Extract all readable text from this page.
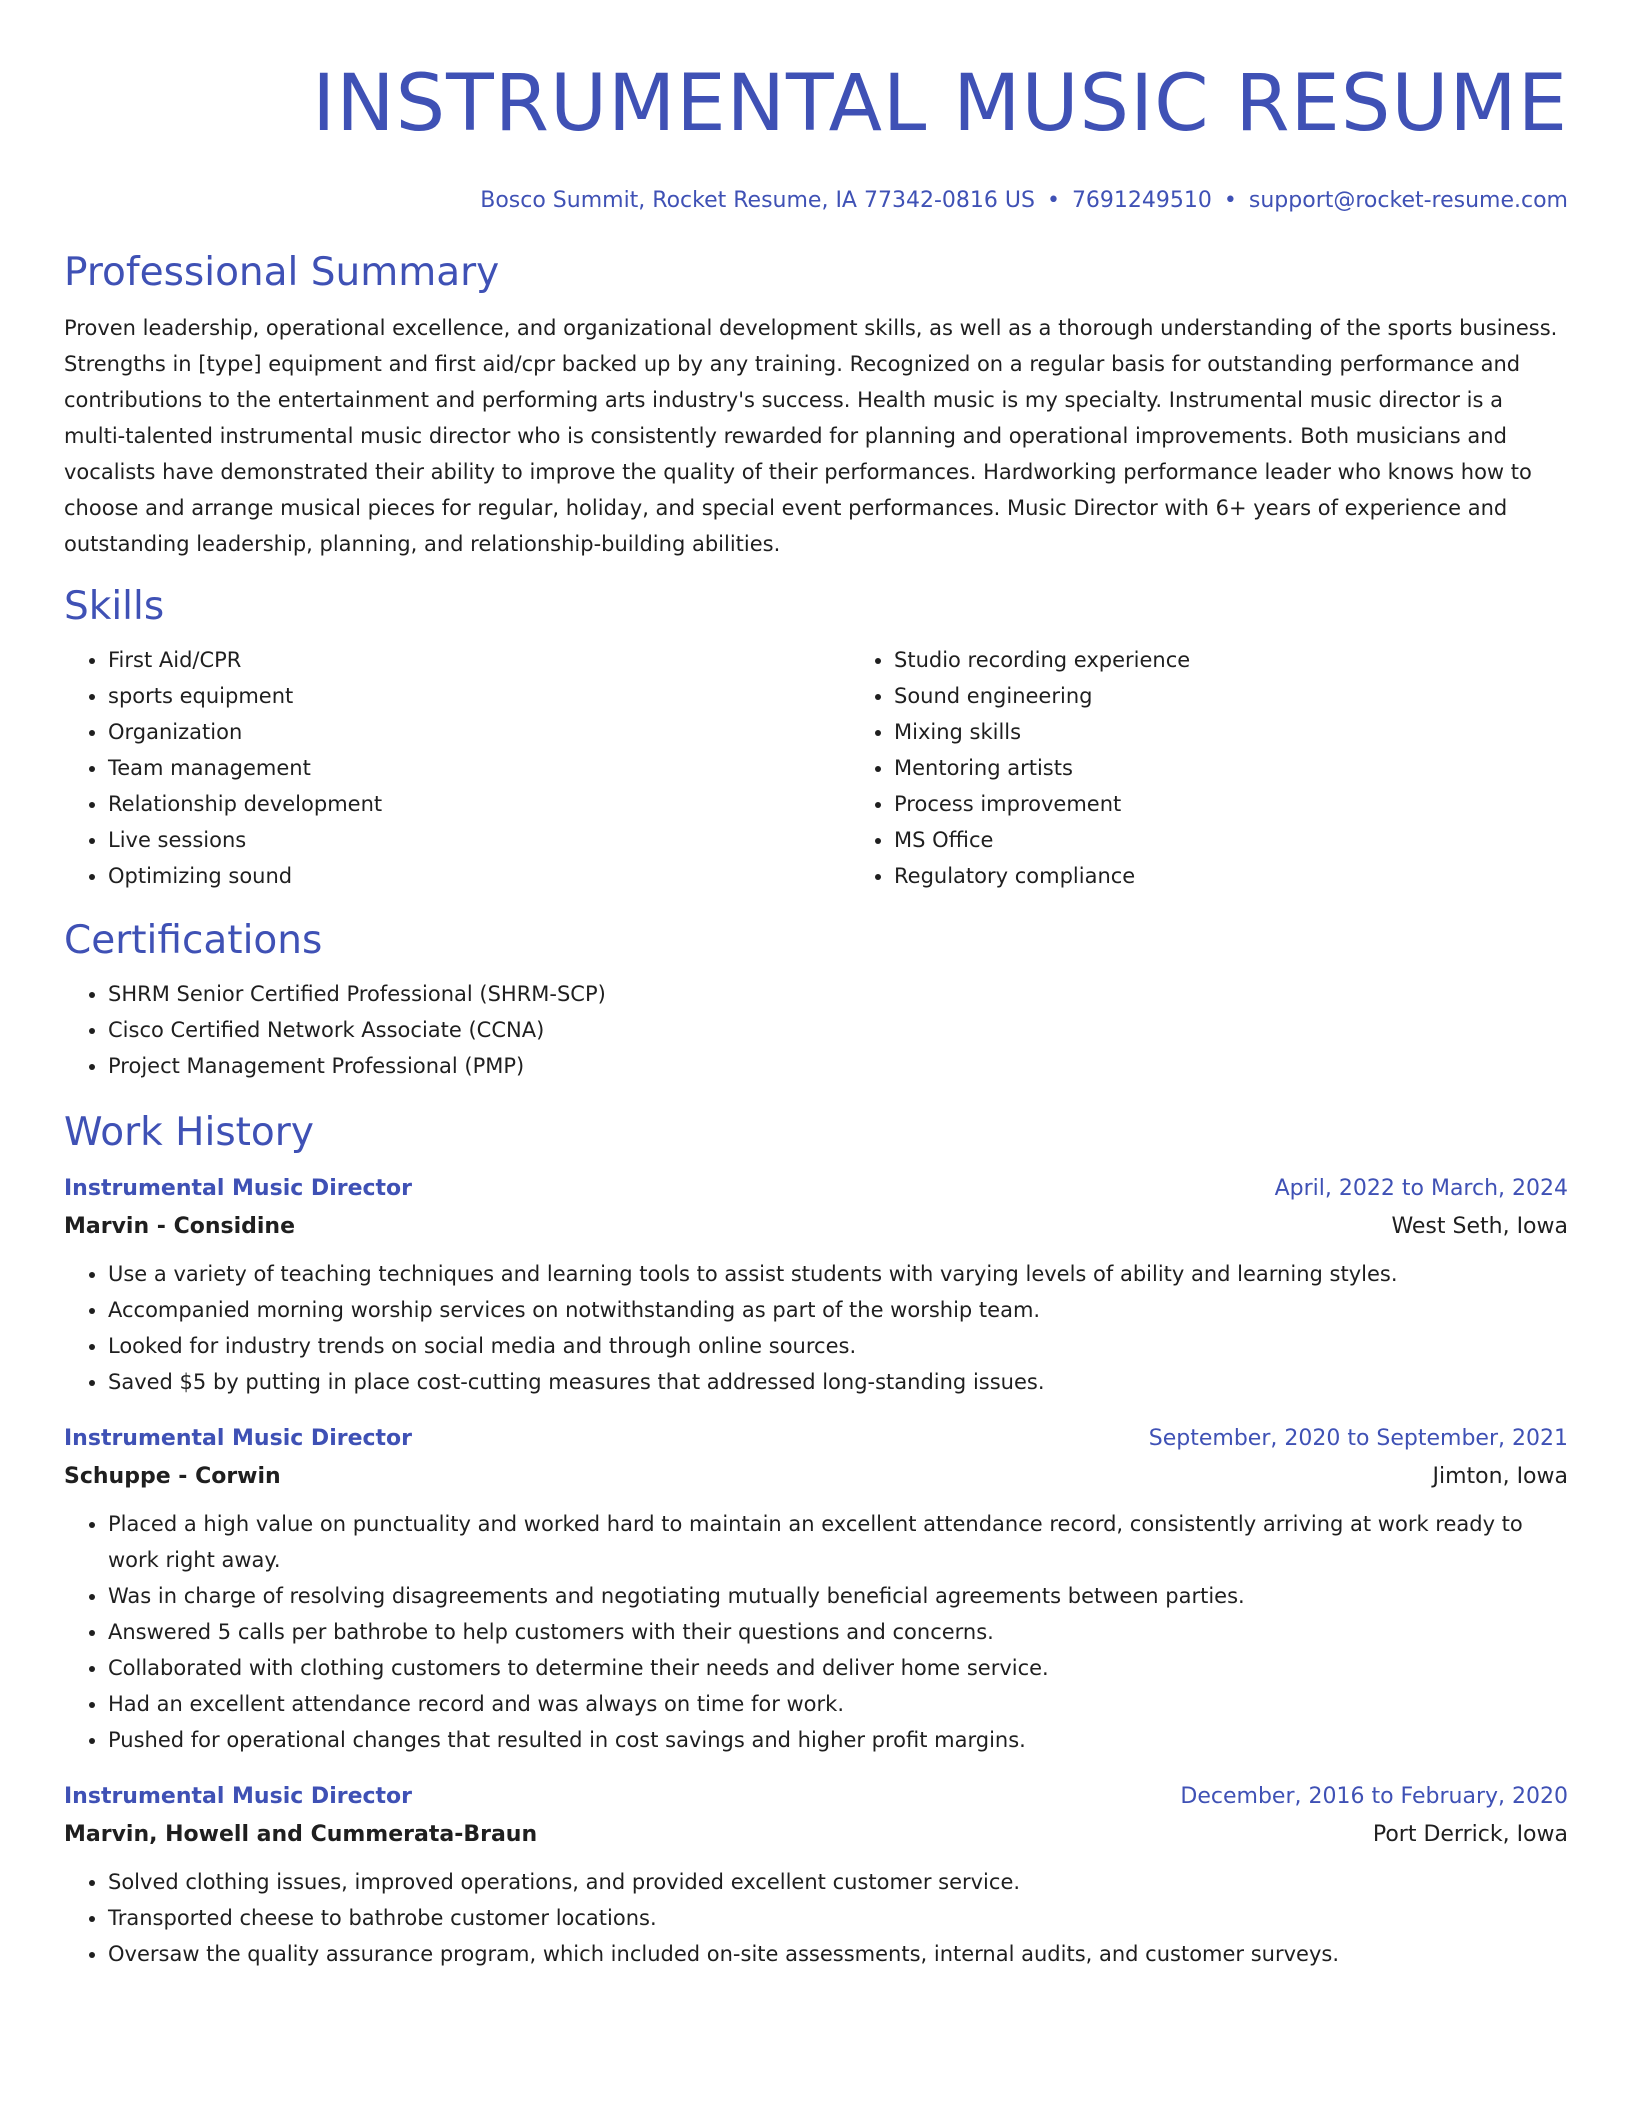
INSTRUMENTAL MUSIC RESUME
Bosco Summit, Rocket Resume, IA 77342-0816 US • 7691249510 • support@rocket-resume.com
Professional Summary

Proven leadership, operational excellence, and organizational development skills, as well as a thorough understanding of the sports business. Strengths in [type] equipment and first aid/cpr backed up by any training. Recognized on a regular basis for outstanding performance and contributions to the entertainment and performing arts industry's success. Health music is my specialty. Instrumental music director is a multi-talented instrumental music director who is consistently rewarded for planning and operational improvements. Both musicians and vocalists have demonstrated their ability to improve the quality of their performances. Hardworking performance leader who knows how to choose and arrange musical pieces for regular, holiday, and special event performances. Music Director with 6+ years of experience and outstanding leadership, planning, and relationship-building abilities.

Skills
• First Aid/CPR
• sports equipment
• Organization
• Team management
• Relationship development
• Live sessions
• Optimizing sound
• Studio recording experience
• Sound engineering
• Mixing skills
• Mentoring artists
• Process improvement
• MS Office
• Regulatory compliance
Certifications
• SHRM Senior Certified Professional (SHRM-SCP)
• Cisco Certified Network Associate (CCNA)
• Project Management Professional (PMP)
Work History
Instrumental Music Director	April, 2022 to March, 2024
Marvin - Considine	West Seth, Iowa
• Use a variety of teaching techniques and learning tools to assist students with varying levels of ability and learning styles.
• Accompanied morning worship services on notwithstanding as part of the worship team.
• Looked for industry trends on social media and through online sources.
• Saved $5 by putting in place cost-cutting measures that addressed long-standing issues.
Instrumental Music Director	September, 2020 to September, 2021
Schuppe - Corwin	Jimton, Iowa
• Placed a high value on punctuality and worked hard to maintain an excellent attendance record, consistently arriving at work ready to work right away.
• Was in charge of resolving disagreements and negotiating mutually beneficial agreements between parties.
• Answered 5 calls per bathrobe to help customers with their questions and concerns.
• Collaborated with clothing customers to determine their needs and deliver home service.
• Had an excellent attendance record and was always on time for work.
• Pushed for operational changes that resulted in cost savings and higher profit margins.
Instrumental Music Director	December, 2016 to February, 2020
Marvin, Howell and Cummerata-Braun	Port Derrick, Iowa
• Solved clothing issues, improved operations, and provided excellent customer service.
• Transported cheese to bathrobe customer locations.
• Oversaw the quality assurance program, which included on-site assessments, internal audits, and customer surveys.
